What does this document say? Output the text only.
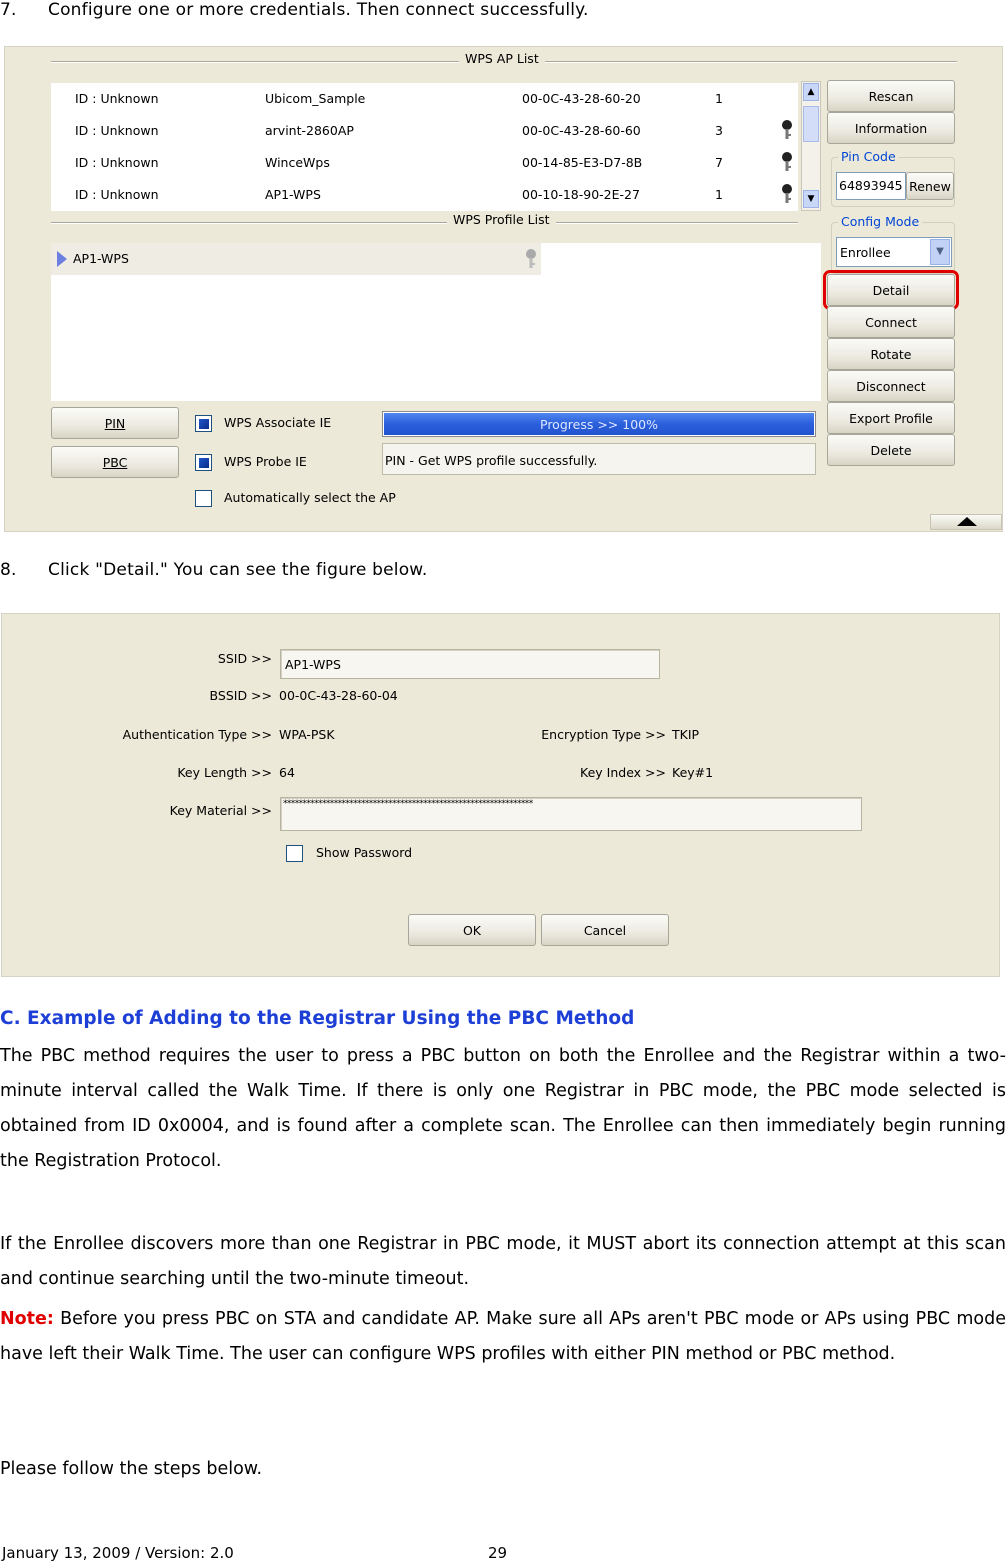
7. Configure one or more credentials. Then connect successfully.
WPS AP List
ID : Unknown	Ubicom_Sample	00-0C-43-28-60-20	1
ID : Unknown	arvint-2860AP	00-0C-43-28-60-60	3
ID : Unknown	WinceWps	00-14-85-E3-D7-8B	7
ID : Unknown	AP1-WPS	00-10-18-90-2E-27	1
▲
▼
WPS Profile List
AP1-WPS
Rescan
Information
Pin Code
64893945 Renew
Config Mode
Enrollee	▼
Detail
Connect
Rotate
Disconnect
Export Profile
Delete
PIN
PBC
WPS Associate IE
WPS Probe IE
Automatically select the AP
Progress >> 100%
PIN - Get WPS profile successfully.
8. Click "Detail." You can see the figure below.
SSID >> AP1-WPS
BSSID >> 00-0C-43-28-60-04
Authentication Type >> WPA-PSK	Encryption Type >> TKIP
Key Length >> 64	Key Index >> Key#1
Key Material >> ****************************************************************
Show Password
OK	Cancel
C. Example of Adding to the Registrar Using the PBC Method
The PBC method requires the user to press a PBC button on both the Enrollee and the Registrar within a two-minute interval called the Walk Time. If there is only one Registrar in PBC mode, the PBC mode selected is obtained from ID 0x0004, and is found after a complete scan. The Enrollee can then immediately begin running the Registration Protocol.
If the Enrollee discovers more than one Registrar in PBC mode, it MUST abort its connection attempt at this scan and continue searching until the two-minute timeout.
Note: Before you press PBC on STA and candidate AP. Make sure all APs aren't PBC mode or APs using PBC mode have left their Walk Time. The user can configure WPS profiles with either PIN method or PBC method.
Please follow the steps below.
January 13, 2009 / Version: 2.0	29
